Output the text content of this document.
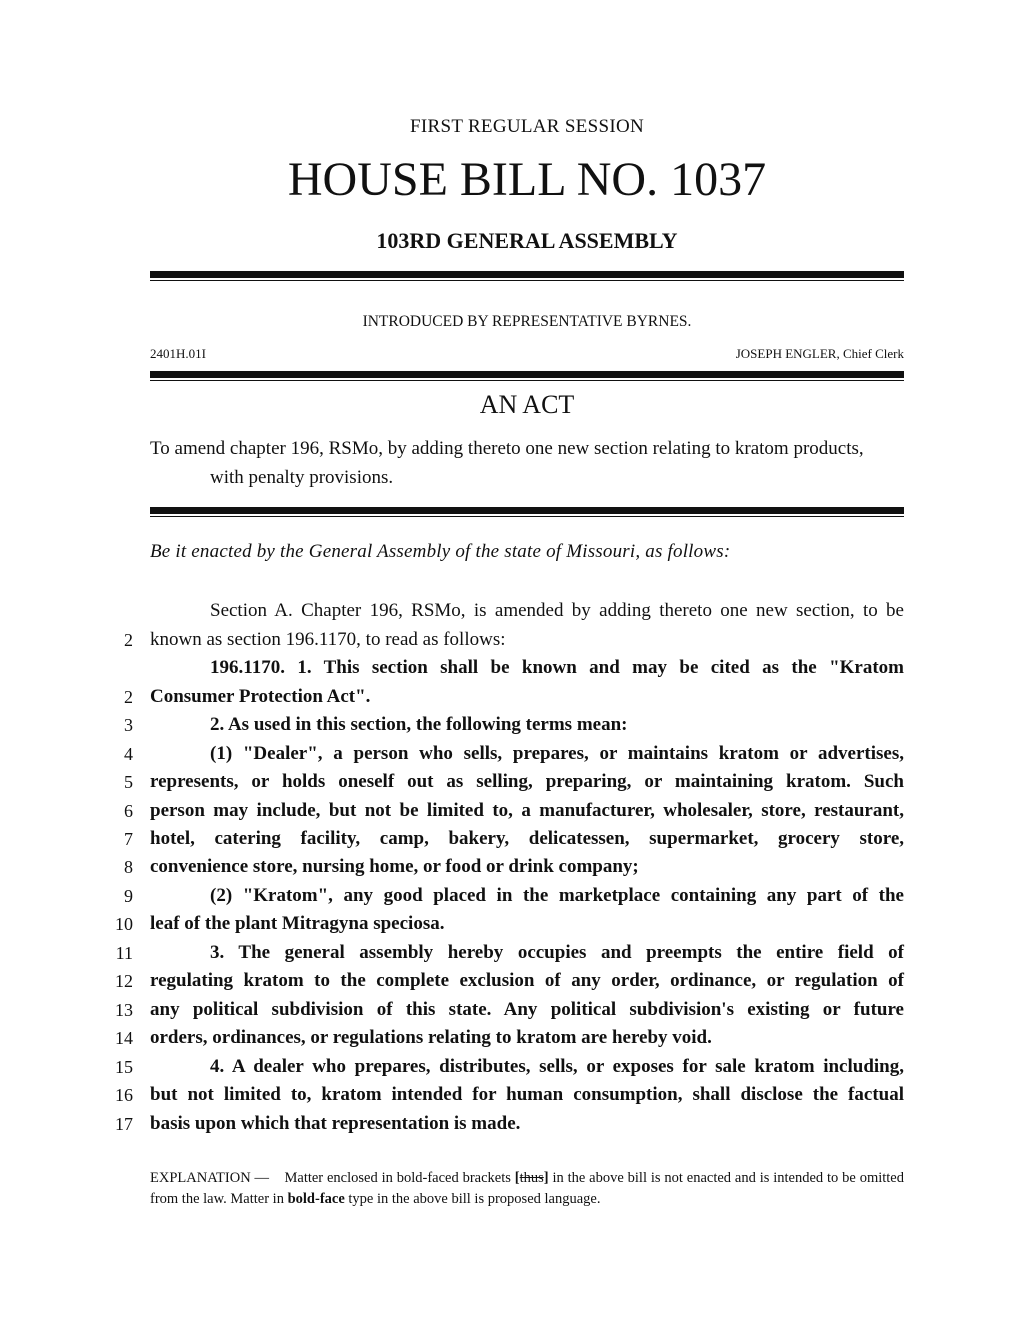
FIRST REGULAR SESSION
HOUSE BILL NO. 1037
103RD GENERAL ASSEMBLY
INTRODUCED BY REPRESENTATIVE BYRNES.
2401H.01I	JOSEPH ENGLER, Chief Clerk
AN ACT
To amend chapter 196, RSMo, by adding thereto one new section relating to kratom products,
with penalty provisions.
Be it enacted by the General Assembly of the state of Missouri, as follows:
Section A. Chapter 196, RSMo, is amended by adding thereto one new section, to be
2 known as section 196.1170, to read as follows:
196.1170. 1. This section shall be known and may be cited as the "Kratom
2 Consumer Protection Act".
3	2. As used in this section, the following terms mean:
4	(1) "Dealer", a person who sells, prepares, or maintains kratom or advertises,
5 represents, or holds oneself out as selling, preparing, or maintaining kratom. Such
6 person may include, but not be limited to, a manufacturer, wholesaler, store, restaurant,
7 hotel, catering facility, camp, bakery, delicatessen, supermarket, grocery store,
8 convenience store, nursing home, or food or drink company;
9	(2) "Kratom", any good placed in the marketplace containing any part of the
10 leaf of the plant Mitragyna speciosa.
11	3. The general assembly hereby occupies and preempts the entire field of
12 regulating kratom to the complete exclusion of any order, ordinance, or regulation of
13 any political subdivision of this state. Any political subdivision's existing or future
14 orders, ordinances, or regulations relating to kratom are hereby void.
15	4. A dealer who prepares, distributes, sells, or exposes for sale kratom including,
16 but not limited to, kratom intended for human consumption, shall disclose the factual
17 basis upon which that representation is made.
EXPLANATION — Matter enclosed in bold-faced brackets [thus] in the above bill is not enacted and is intended to be omitted from the law. Matter in bold-face type in the above bill is proposed language.
